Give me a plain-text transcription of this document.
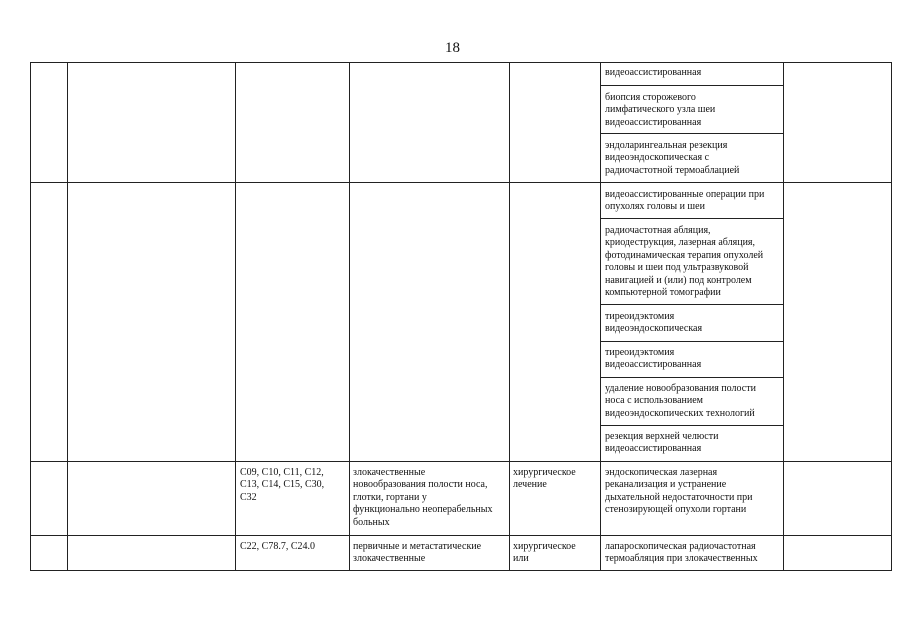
18
видеоассистированная
биопсия сторожевого
лимфатического узла шеи
видеоассистированная
эндоларингеальная резекция
видеоэндоскопическая с
радиочастотной термоаблацией
видеоассистированные операции при
опухолях головы и шеи
радиочастотная абляция,
криодеструкция, лазерная абляция,
фотодинамическая терапия опухолей
головы и шеи под ультразвуковой
навигацией и (или) под контролем
компьютерной томографии
тиреоидэктомия
видеоэндоскопическая
тиреоидэктомия
видеоассистированная
удаление новообразования полости
носа с использованием
видеоэндоскопических технологий
резекция верхней челюсти
видеоассистированная
C09, C10, C11, C12,
C13, C14, C15, C30,
C32
злокачественные
новообразования полости носа,
глотки, гортани у
функционально неоперабельных
больных
хирургическое
лечение
эндоскопическая лазерная
реканализация и устранение
дыхательной недостаточности при
стенозирующей опухоли гортани
C22, C78.7, C24.0	первичные и метастатические
злокачественные
хирургическое
или
лапароскопическая радиочастотная
термоабляция при злокачественных
